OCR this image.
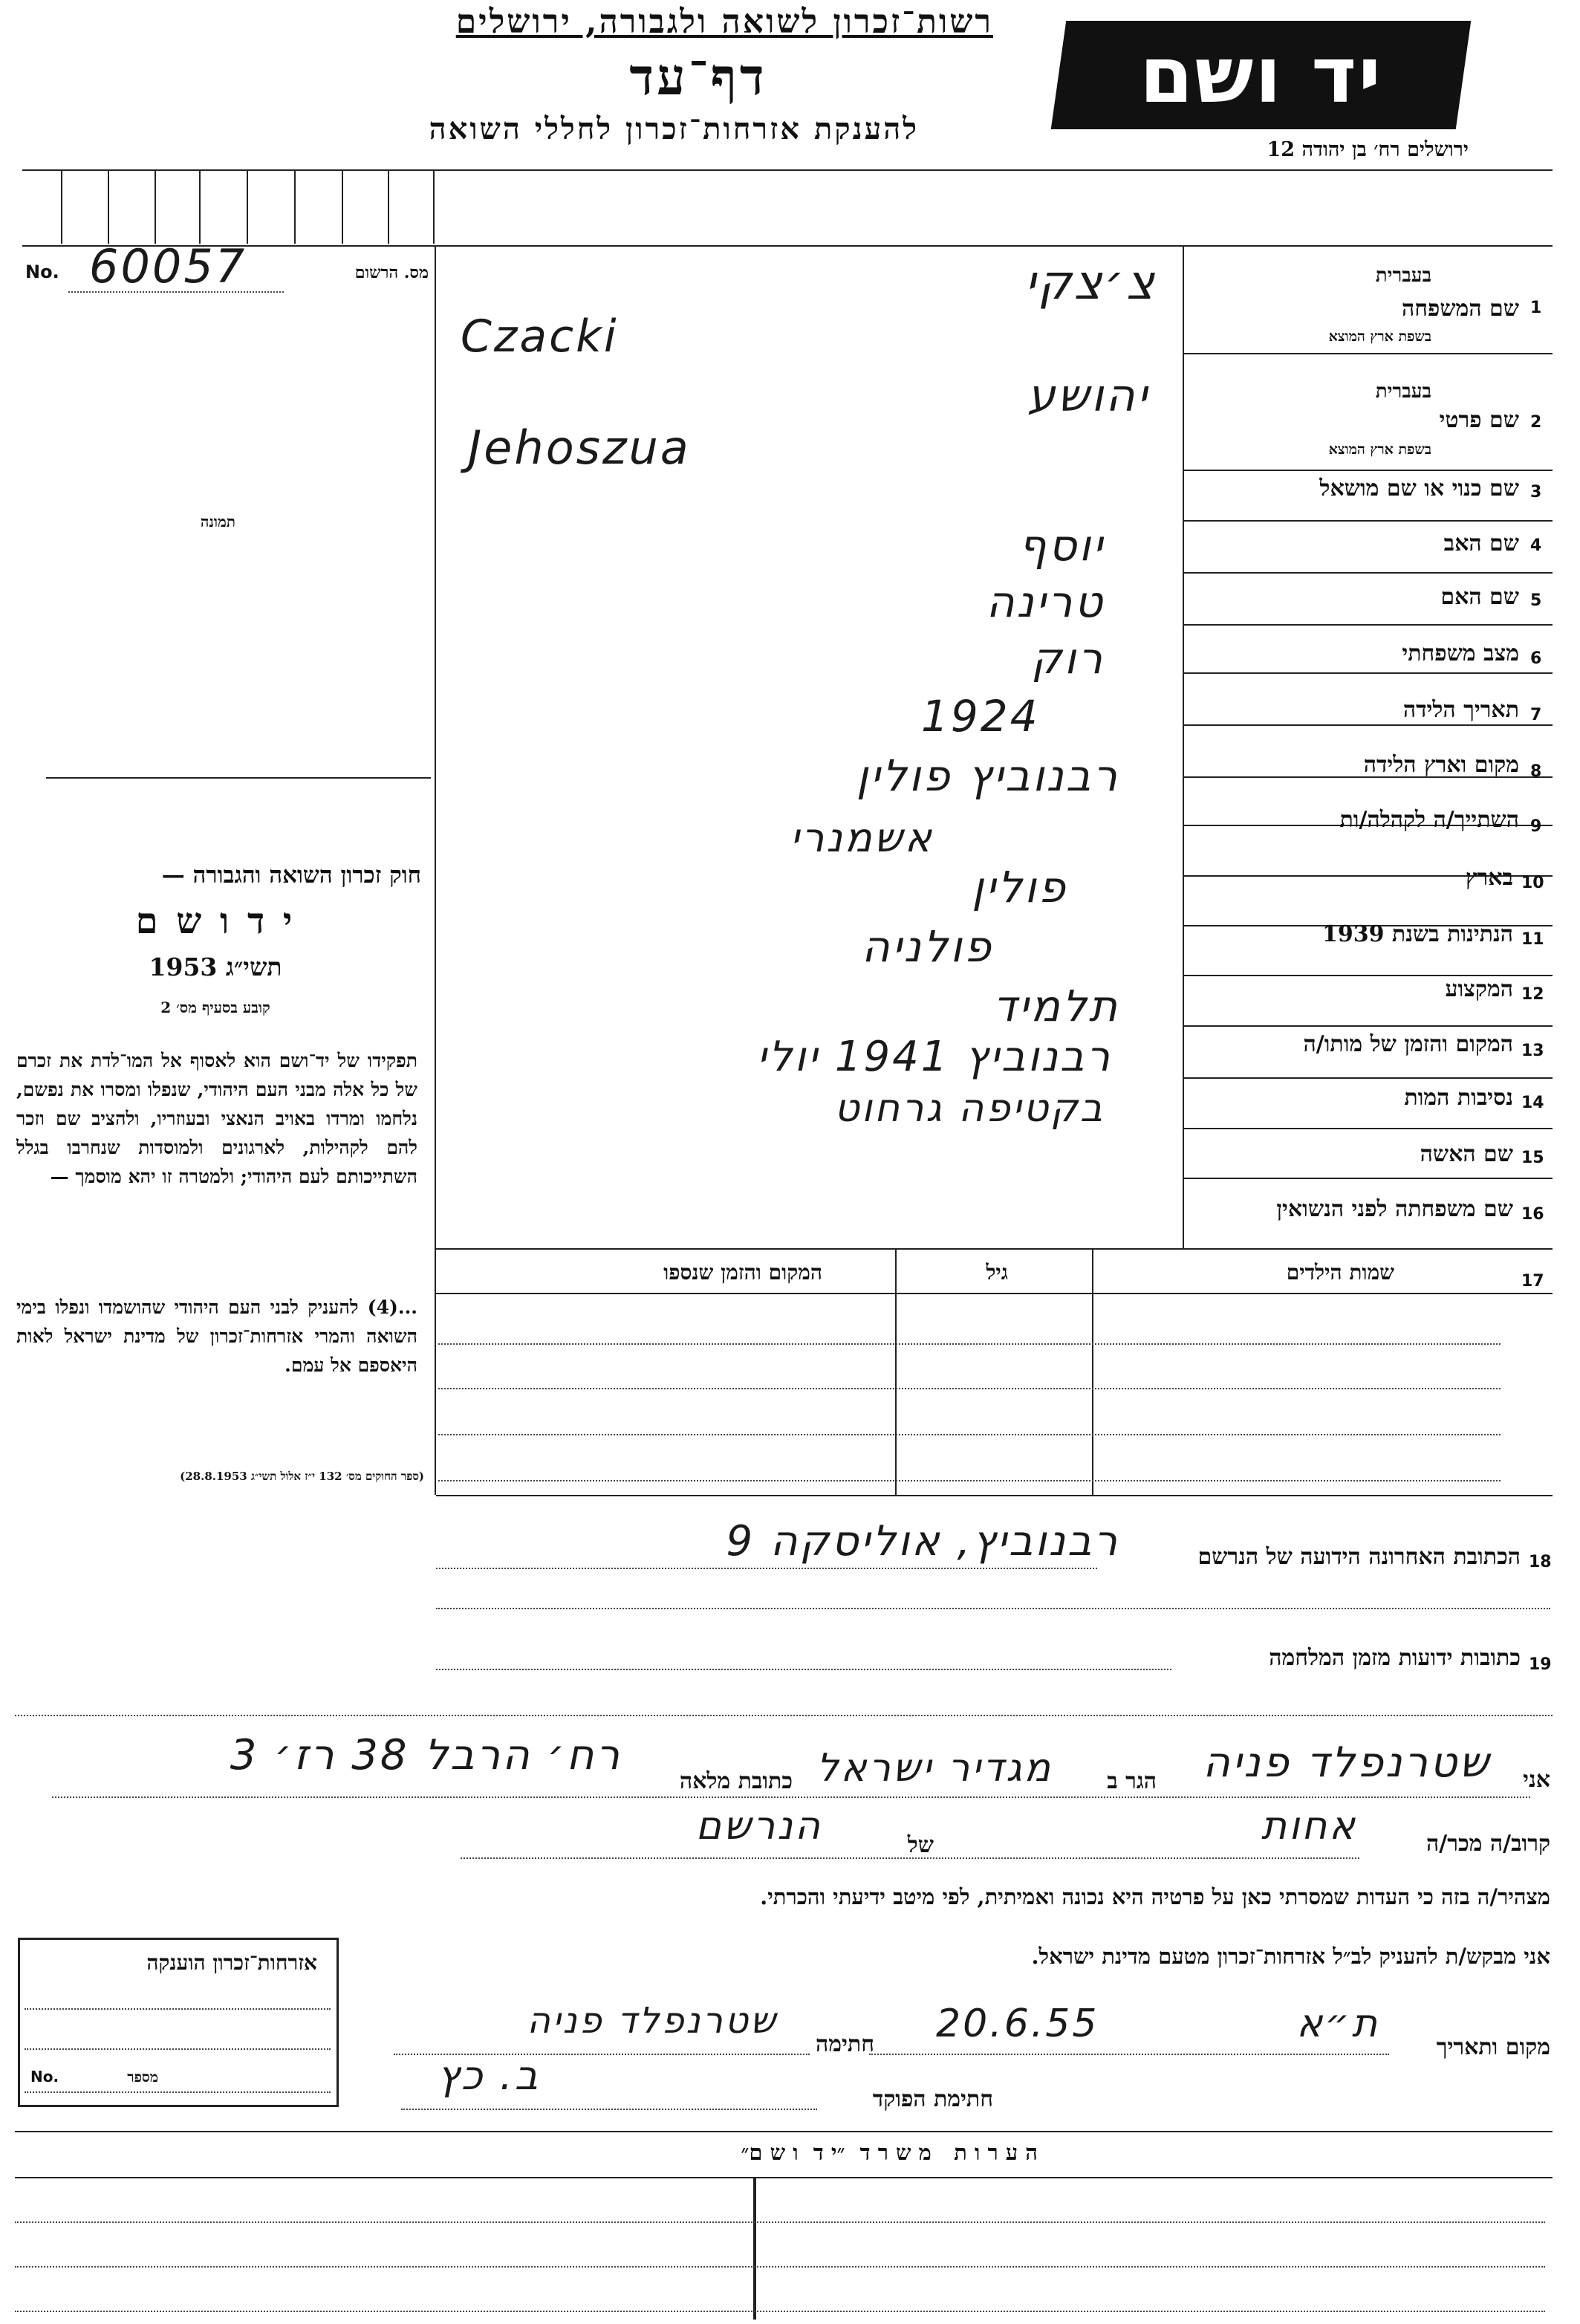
רשות־זכרון לשואה ולגבורה, ירושלים
דף־עד
להענקת אזרחות־זכרון לחללי השואה
יד ושם
ירושלים רח׳ בן יהודה 12
No. 60057	מס. הרשום
תמונה
חוק זכרון השואה והגבורה —
י ד ו ש ם
תשי״ג 1953
קובע בסעיף מס׳ 2
תפקידו של יד־ושם הוא לאסוף אל המו־לדת את זכרם של כל אלה מבני העם היהודי, שנפלו ומסרו את נפשם, נלחמו ומרדו באויב הנאצי ובעוזריו, ולהציב שם וזכר להם לקהילות, לארגונים ולמוסדות שנחרבו בגלל השתייכותם לעם היהודי; ולמטרה זו יהא מוסמך —
...(4) להעניק לבני העם היהודי שהושמדו ונפלו בימי השואה והמרי אזרחות־זכרון של מדינת ישראל לאות היאספם אל עמם.
(ספר החוקים מס׳ 132 י״ז אלול תשי״ג 28.8.1953)
1
שם המשפחה
בעברית
בשפת ארץ המוצא
צ׳צקי
Czacki
2
שם פרטי
בעברית
בשפת ארץ המוצא
יהושע
Jehoszua
3
שם כנוי או שם מושאל
4
שם האב
יוסף
5
שם האם
טרינה
6
מצב משפחתי
רוק
7
תאריך הלידה
1924
8
מקום וארץ הלידה
רבנוביץ פולין
9
השתייך/ה לקהלה/ות
אשמנרי
10
בארץ
פולין
11
הנתינות בשנת 1939
פולניה
12
המקצוע
תלמיד
13
המקום והזמן של מותו/ה
רבנוביץ 1941 יולי
14
נסיבות המות
בקטיפה גרחוט
15
שם האשה
16
שם משפחתה לפני הנשואין
17
שמות הילדים
גיל
המקום והזמן שנספו
18
הכתובת האחרונה הידועה של הנרשם
רבנוביץ, אוליסקה 9
19
כתובות ידועות מזמן המלחמה
אני
שטרנפלד פניה
הגר ב
מגדיר ישראל
כתובת מלאה
רח׳ הרבל 38 רז׳ 3
קרוב/ה מכר/ה
אחות
של
הנרשם
מצהיר/ה בזה כי העדות שמסרתי כאן על פרטיה היא נכונה ואמיתית, לפי מיטב ידיעתי והכרתי.
אני מבקש/ת להעניק לב״ל אזרחות־זכרון מטעם מדינת ישראל.
מקום ותאריך
ת״א
20.6.55
חתימה
שטרנפלד פניה
חתימת הפוקד
ב. כץ
אזרחות־זכרון הוענקה
No.	מספר
ה ע ר ו ת   מ ש ר ד  ״י ד  ו ש ם״
